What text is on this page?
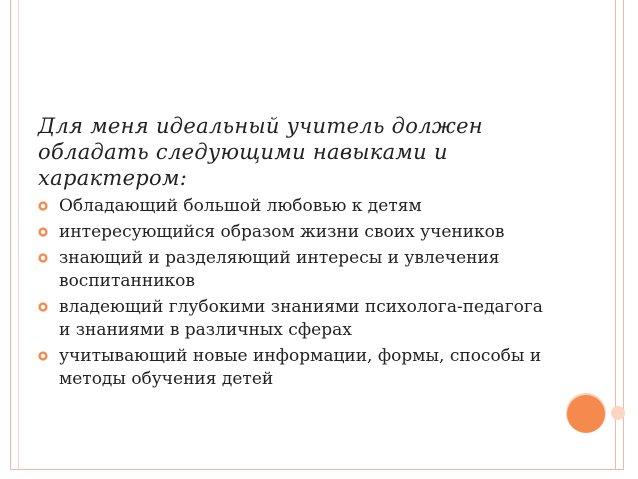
Для меня идеальный учитель должен обладать следующими навыками и характером:
Обладающий большой любовью к детям
интересующийся образом жизни своих учеников
знающий и разделяющий интересы и увлечения воспитанников
владеющий глубокими знаниями психолога-педагога и знаниями в различных сферах
учитывающий новые информации, формы, способы и методы обучения детей
